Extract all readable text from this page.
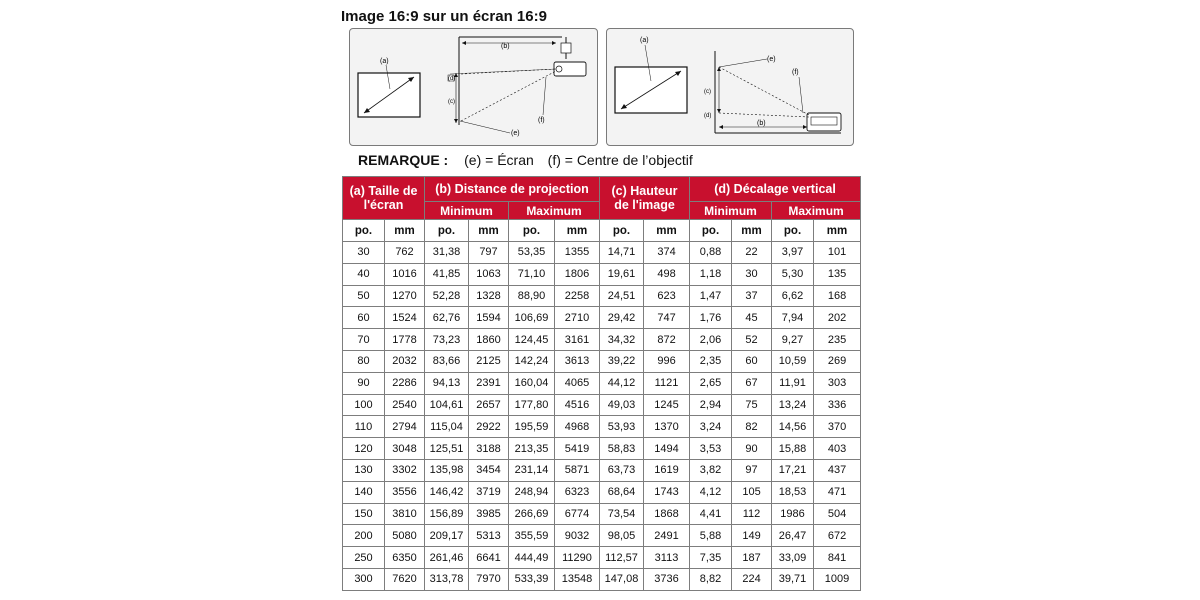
Image 16:9 sur un écran 16:9
(a)
(b)
(d)
(c)
(e)
(f)
(a)
(e)
(f)
(c)
(d)
(b)
REMARQUE : (e) = Écran (f) = Centre de l’objectif
(a) Taille de
l'écran		(b) Distance de projection				(c) Hauteur
de l'image		(d) Décalage vertical			
		Minimum		Maximum				Minimum		Maximum	
po.	mm	po.	mm	po.	mm	po.	mm	po.	mm	po.	mm
30	762	31,38	797	53,35	1355	14,71	374	0,88	22	3,97	101
40	1016	41,85	1063	71,10	1806	19,61	498	1,18	30	5,30	135
50	1270	52,28	1328	88,90	2258	24,51	623	1,47	37	6,62	168
60	1524	62,76	1594	106,69	2710	29,42	747	1,76	45	7,94	202
70	1778	73,23	1860	124,45	3161	34,32	872	2,06	52	9,27	235
80	2032	83,66	2125	142,24	3613	39,22	996	2,35	60	10,59	269
90	2286	94,13	2391	160,04	4065	44,12	1121	2,65	67	11,91	303
100	2540	104,61	2657	177,80	4516	49,03	1245	2,94	75	13,24	336
110	2794	115,04	2922	195,59	4968	53,93	1370	3,24	82	14,56	370
120	3048	125,51	3188	213,35	5419	58,83	1494	3,53	90	15,88	403
130	3302	135,98	3454	231,14	5871	63,73	1619	3,82	97	17,21	437
140	3556	146,42	3719	248,94	6323	68,64	1743	4,12	105	18,53	471
150	3810	156,89	3985	266,69	6774	73,54	1868	4,41	112	1986	504
200	5080	209,17	5313	355,59	9032	98,05	2491	5,88	149	26,47	672
250	6350	261,46	6641	444,49	11290	112,57	3113	7,35	187	33,09	841
300	7620	313,78	7970	533,39	13548	147,08	3736	8,82	224	39,71	1009
